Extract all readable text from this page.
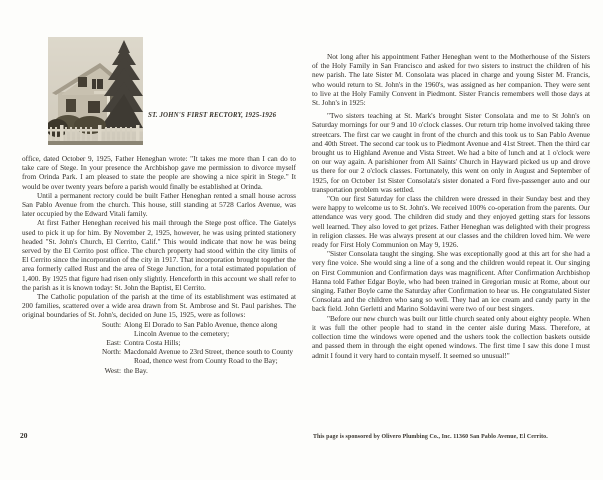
ST. JOHN'S FIRST RECTORY, 1925-1926

office, dated October 9, 1925, Father Heneghan wrote: "It takes me more than I can do to take care of Stege. In your presence the Archbishop gave me permission to divorce myself from Orinda Park. I am pleased to state the people are showing a nice spirit in Stege." It would be over twenty years before a parish would finally be established at Orinda.

Until a permanent rectory could be built Father Heneghan rented a small house across San Pablo Avenue from the church. This house, still standing at 5728 Carlos Avenue, was later occupied by the Edward Vitali family.

At first Father Heneghan received his mail through the Stege post office. The Gatelys used to pick it up for him. By November 2, 1925, however, he was using printed stationery headed "St. John's Church, El Cerrito, Calif." This would indicate that now he was being served by the El Cerrito post office. The church property had stood within the city limits of El Cerrito since the incorporation of the city in 1917. That incorporation brought together the area formerly called Rust and the area of Stege Junction, for a total estimated population of 1,400. By 1925 that figure had risen only slightly. Henceforth in this account we shall refer to the parish as it is known today: St. John the Baptist, El Cerrito.

The Catholic population of the parish at the time of its establishment was estimated at 200 families, scattered over a wide area drawn from St. Ambrose and St. Paul parishes. The original boundaries of St. John's, decided on June 15, 1925, were as follows:

South: Along El Dorado to San Pablo Avenue, thence along Lincoln Avenue to the cemetery;
East: Contra Costa Hills;
North: Macdonald Avenue to 23rd Street, thence south to County Road, thence west from County Road to the Bay;
West: the Bay.
20

Not long after his appointment Father Heneghan went to the Motherhouse of the Sisters of the Holy Family in San Francisco and asked for two sisters to instruct the children of his new parish. The late Sister M. Consolata was placed in charge and young Sister M. Francis, who would return to St. John's in the 1960's, was assigned as her companion. They were sent to live at the Holy Family Convent in Piedmont. Sister Francis remembers well those days at St. John's in 1925:

"Two sisters teaching at St. Mark's brought Sister Consolata and me to St John's on Saturday mornings for our 9 and 10 o'clock classes. Our return trip home involved taking three streetcars. The first car we caught in front of the church and this took us to San Pablo Avenue and 40th Street. The second car took us to Piedmont Avenue and 41st Street. Then the third car brought us to Highland Avenue and Vista Street. We had a bite of lunch and at 1 o'clock were on our way again. A parishioner from All Saints' Church in Hayward picked us up and drove us there for our 2 o'clock classes. Fortunately, this went on only in August and September of 1925, for on October 1st Sister Consolata's sister donated a Ford five-passenger auto and our transportation problem was settled.

"On our first Saturday for class the children were dressed in their Sunday best and they were happy to welcome us to St. John's. We received 100% co-operation from the parents. Our attendance was very good. The children did study and they enjoyed getting stars for lessons well learned. They also loved to get prizes. Father Heneghan was delighted with their progress in religion classes. He was always present at our classes and the children loved him. We were ready for First Holy Communion on May 9, 1926.

"Sister Consolata taught the singing. She was exceptionally good at this art for she had a very fine voice. She would sing a line of a song and the children would repeat it. Our singing on First Communion and Confirmation days was magnificent. After Confirmation Archbishop Hanna told Father Edgar Boyle, who had been trained in Gregorian music at Rome, about our singing. Father Boyle came the Saturday after Confirmation to hear us. He congratulated Sister Consolata and the children who sang so well. They had an ice cream and candy party in the back field. John Gerletti and Marino Soldavini were two of our best singers.

"Before our new church was built our little church seated only about eighty people. When it was full the other people had to stand in the center aisle during Mass. Therefore, at collection time the windows were opened and the ushers took the collection baskets outside and passed them in through the eight opened windows. The first time I saw this done I must admit I found it very hard to contain myself. It seemed so unusual!"

This page is sponsored by Olivero Plumbing Co., Inc. 11360 San Pablo Avenue, El Cerrito.
